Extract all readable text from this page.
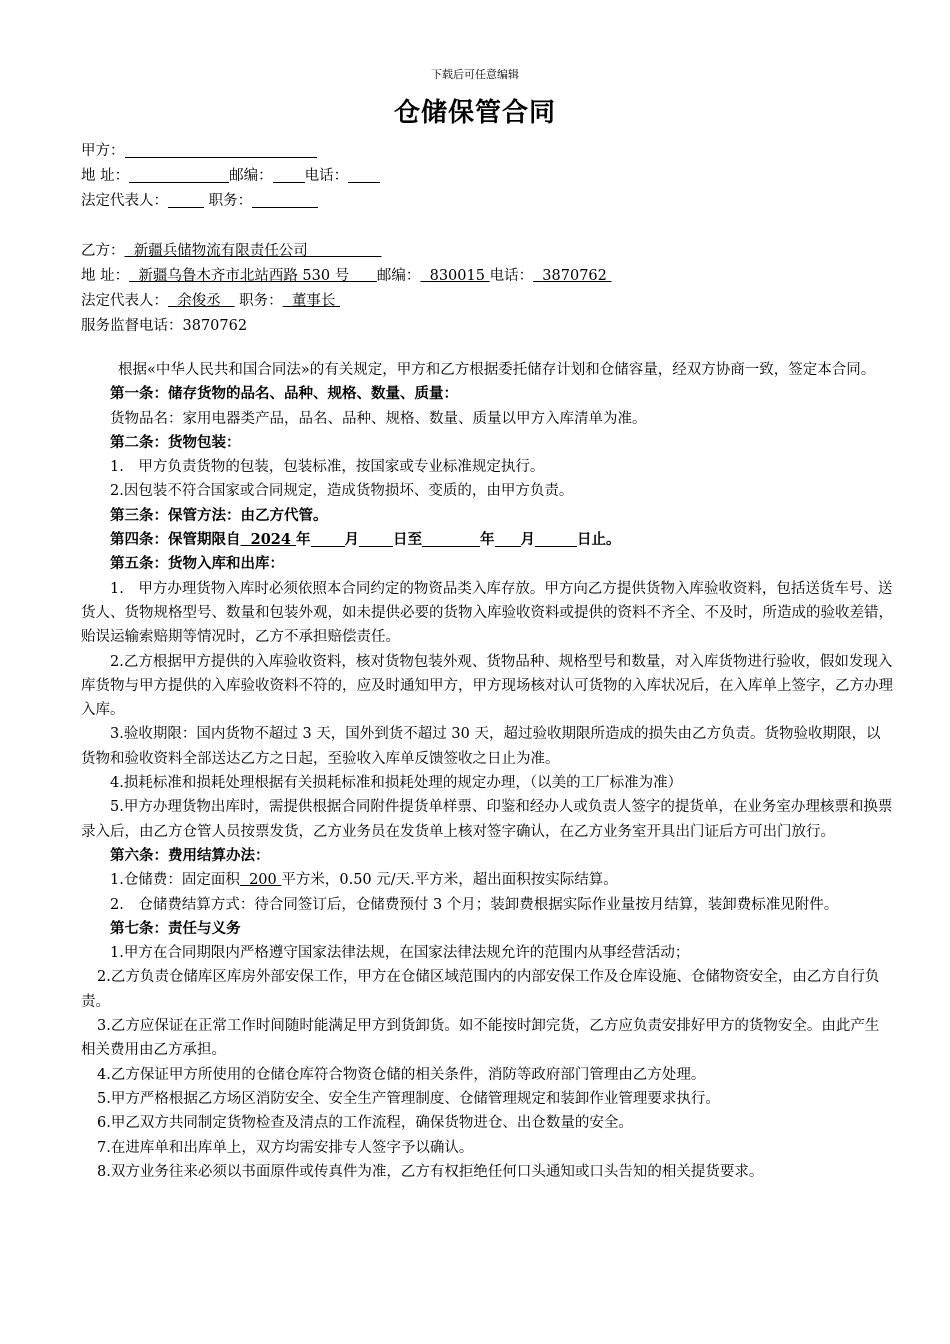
下载后可任意编辑
仓储保管合同
甲方：
地 址：	邮编： 电话：
法定代表人：	职务：
乙方： 新疆兵储物流有限责任公司
地 址： 新疆乌鲁木齐市北站西路 530 号 邮编： 830015 电话： 3870762
法定代表人： 余俊丞 职务： 董事长
服务监督电话：3870762

根据«中华人民共和国合同法»的有关规定，甲方和乙方根据委托储存计划和仓储容量，经双方协商一致，签定本合同。

第一条：储存货物的品名、品种、规格、数量、质量：

货物品名：家用电器类产品，品名、品种、规格、数量、质量以甲方入库清单为准。

第二条：货物包装：

1.　甲方负责货物的包装，包装标准，按国家或专业标准规定执行。

2.因包装不符合国家或合同规定，造成货物损坏、变质的，由甲方负责。

第三条：保管方法：由乙方代管。

第四条：保管期限自 2024 年 月 日至	年 月	日止。

第五条：货物入库和出库：

1.　甲方办理货物入库时必须依照本合同约定的物资品类入库存放。甲方向乙方提供货物入库验收资料，包括送货车号、送货人、货物规格型号、数量和包装外观，如未提供必要的货物入库验收资料或提供的资料不齐全、不及时，所造成的验收差错，贻误运输索赔期等情况时，乙方不承担赔偿责任。

2.乙方根据甲方提供的入库验收资料，核对货物包装外观、货物品种、规格型号和数量，对入库货物进行验收，假如发现入库货物与甲方提供的入库验收资料不符的，应及时通知甲方，甲方现场核对认可货物的入库状况后，在入库单上签字，乙方办理入库。

3.验收期限：国内货物不超过 3 天，国外到货不超过 30 天，超过验收期限所造成的损失由乙方负责。货物验收期限，以货物和验收资料全部送达乙方之日起，至验收入库单反馈签收之日止为准。

4.损耗标准和损耗处理根据有关损耗标准和损耗处理的规定办理，（以美的工厂标准为准）

5.甲方办理货物出库时，需提供根据合同附件提货单样票、印鉴和经办人或负责人签字的提货单，在业务室办理核票和换票录入后，由乙方仓管人员按票发货，乙方业务员在发货单上核对签字确认，在乙方业务室开具出门证后方可出门放行。

第六条：费用结算办法：

1.仓储费：固定面积 200 平方米，0.50 元/天.平方米，超出面积按实际结算。

2.　仓储费结算方式：待合同签订后，仓储费预付 3 个月；装卸费根据实际作业量按月结算，装卸费标准见附件。

第七条：责任与义务

1.甲方在合同期限内严格遵守国家法律法规，在国家法律法规允许的范围内从事经营活动；

2.乙方负责仓储库区库房外部安保工作，甲方在仓储区域范围内的内部安保工作及仓库设施、仓储物资安全，由乙方自行负责。

3.乙方应保证在正常工作时间随时能满足甲方到货卸货。如不能按时卸完货，乙方应负责安排好甲方的货物安全。由此产生相关费用由乙方承担。

4.乙方保证甲方所使用的仓储仓库符合物资仓储的相关条件，消防等政府部门管理由乙方处理。

5.甲方严格根据乙方场区消防安全、安全生产管理制度、仓储管理规定和装卸作业管理要求执行。

6.甲乙双方共同制定货物检查及清点的工作流程，确保货物进仓、出仓数量的安全。

7.在进库单和出库单上，双方均需安排专人签字予以确认。

8.双方业务往来必须以书面原件或传真件为准，乙方有权拒绝任何口头通知或口头告知的相关提货要求。
